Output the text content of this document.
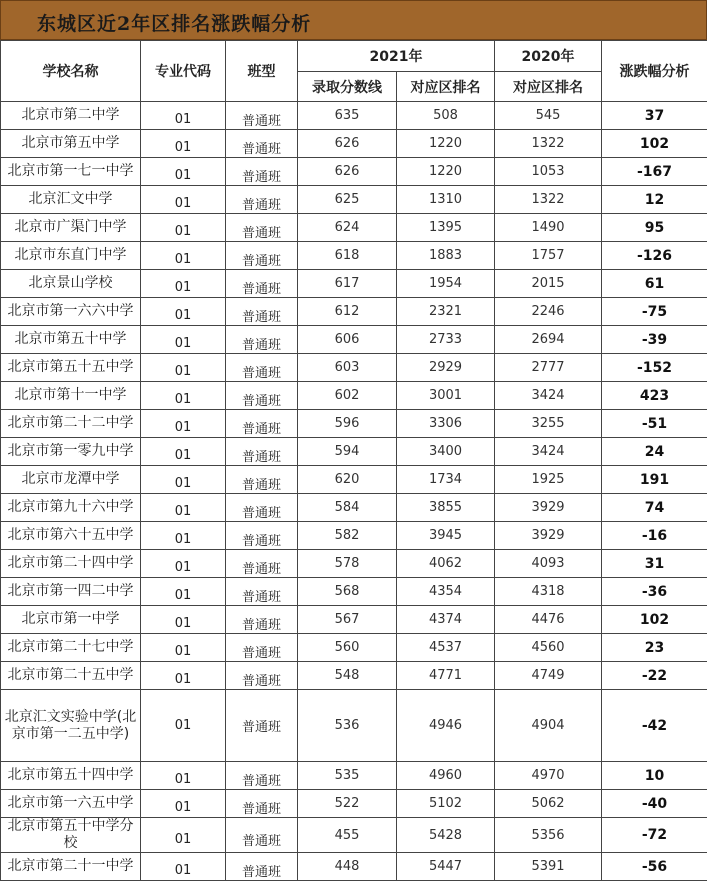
东城区近2年区排名涨跌幅分析
学校名称	专业代码	班型	2021年		2020年	涨跌幅分析
			录取分数线	对应区排名	对应区排名	
北京市第二中学	01	普通班	635	508	545	37
北京市第五中学	01	普通班	626	1220	1322	102
北京市第一七一中学	01	普通班	626	1220	1053	-167
北京汇文中学	01	普通班	625	1310	1322	12
北京市广渠门中学	01	普通班	624	1395	1490	95
北京市东直门中学	01	普通班	618	1883	1757	-126
北京景山学校	01	普通班	617	1954	2015	61
北京市第一六六中学	01	普通班	612	2321	2246	-75
北京市第五十中学	01	普通班	606	2733	2694	-39
北京市第五十五中学	01	普通班	603	2929	2777	-152
北京市第十一中学	01	普通班	602	3001	3424	423
北京市第二十二中学	01	普通班	596	3306	3255	-51
北京市第一零九中学	01	普通班	594	3400	3424	24
北京市龙潭中学	01	普通班	620	1734	1925	191
北京市第九十六中学	01	普通班	584	3855	3929	74
北京市第六十五中学	01	普通班	582	3945	3929	-16
北京市第二十四中学	01	普通班	578	4062	4093	31
北京市第一四二中学	01	普通班	568	4354	4318	-36
北京市第一中学	01	普通班	567	4374	4476	102
北京市第二十七中学	01	普通班	560	4537	4560	23
北京市第二十五中学	01	普通班	548	4771	4749	-22
北京汇文实验中学(北京市第一二五中学)	01	普通班	536	4946	4904	-42
北京市第五十四中学	01	普通班	535	4960	4970	10
北京市第一六五中学	01	普通班	522	5102	5062	-40
北京市第五十中学分校	01	普通班	455	5428	5356	-72
北京市第二十一中学	01	普通班	448	5447	5391	-56
